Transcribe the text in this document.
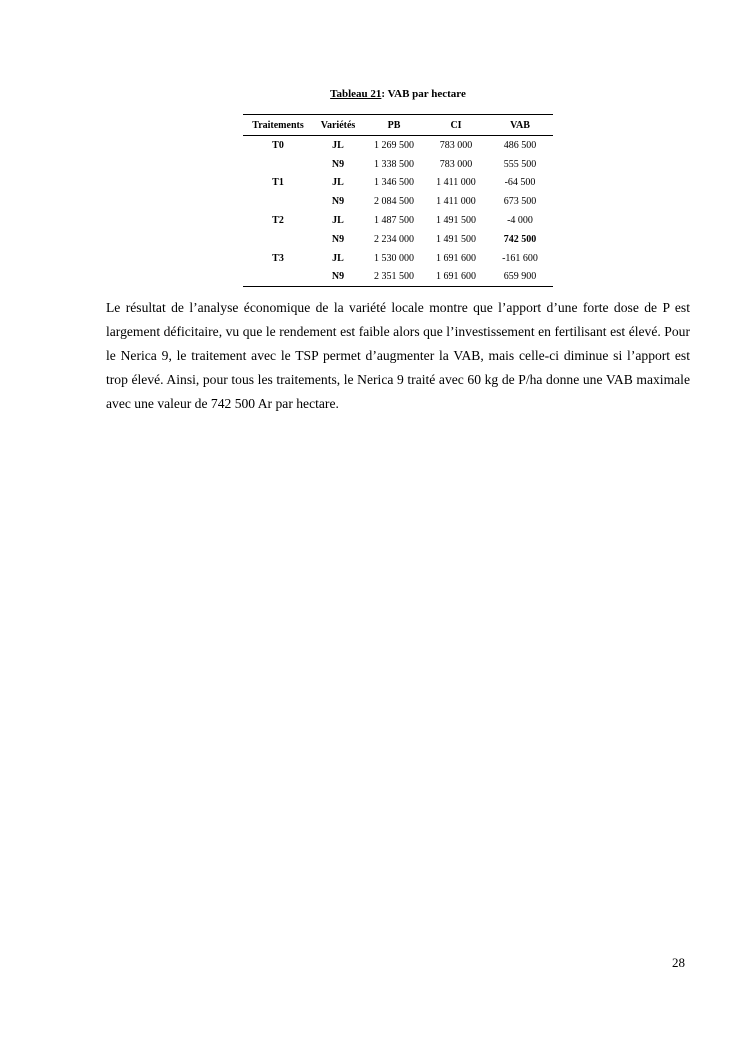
Tableau 21: VAB par hectare
Traitements	Variétés	PB	CI	VAB
T0	JL	1 269 500	783 000	486 500
	N9	1 338 500	783 000	555 500
T1	JL	1 346 500	1 411 000	-64 500
	N9	2 084 500	1 411 000	673 500
T2	JL	1 487 500	1 491 500	-4 000
	N9	2 234 000	1 491 500	742 500
T3	JL	1 530 000	1 691 600	-161 600
	N9	2 351 500	1 691 600	659 900

Le résultat de l’analyse économique de la variété locale montre que l’apport d’une forte dose de P est largement déficitaire, vu que le rendement est faible alors que l’investissement en fertilisant est élevé. Pour le Nerica 9, le traitement avec le TSP permet d’augmenter la VAB, mais celle-ci diminue si l’apport est trop élevé. Ainsi, pour tous les traitements, le Nerica 9 traité avec 60 kg de P/ha donne une VAB maximale avec une valeur de 742 500 Ar par hectare.

28
